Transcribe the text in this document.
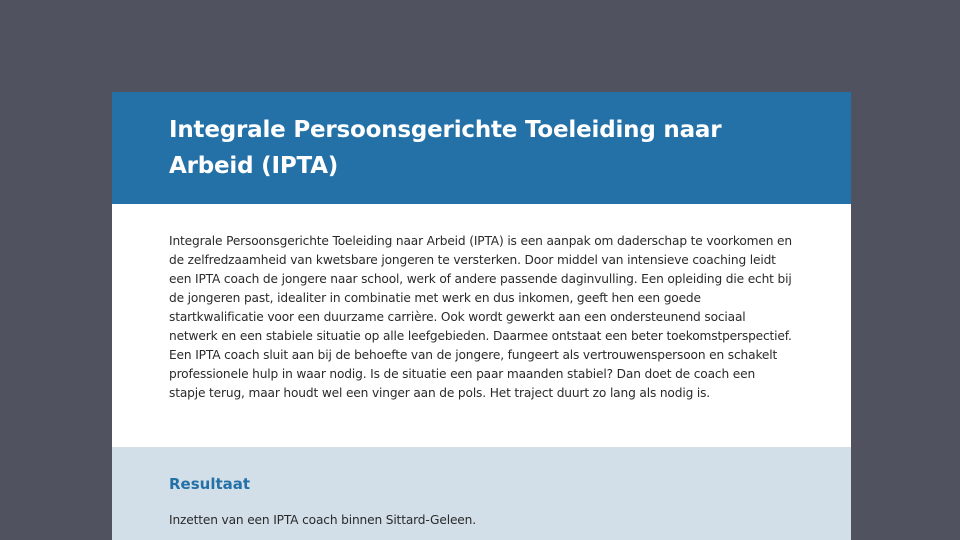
Integrale Persoonsgerichte Toeleiding naar Arbeid (IPTA)

Integrale Persoonsgerichte Toeleiding naar Arbeid (IPTA) is een aanpak om daderschap te voorkomen en de zelfredzaamheid van kwetsbare jongeren te versterken. Door middel van intensieve coaching leidt een IPTA coach de jongere naar school, werk of andere passende daginvulling. Een opleiding die echt bij de jongeren past, idealiter in combinatie met werk en dus inkomen, geeft hen een goede startkwalificatie voor een duurzame carrière. Ook wordt gewerkt aan een ondersteunend sociaal netwerk en een stabiele situatie op alle leefgebieden. Daarmee ontstaat een beter toekomstperspectief. Een IPTA coach sluit aan bij de behoefte van de jongere, fungeert als vertrouwenspersoon en schakelt professionele hulp in waar nodig. Is de situatie een paar maanden stabiel? Dan doet de coach een stapje terug, maar houdt wel een vinger aan de pols. Het traject duurt zo lang als nodig is.

Resultaat

Inzetten van een IPTA coach binnen Sittard-Geleen.
